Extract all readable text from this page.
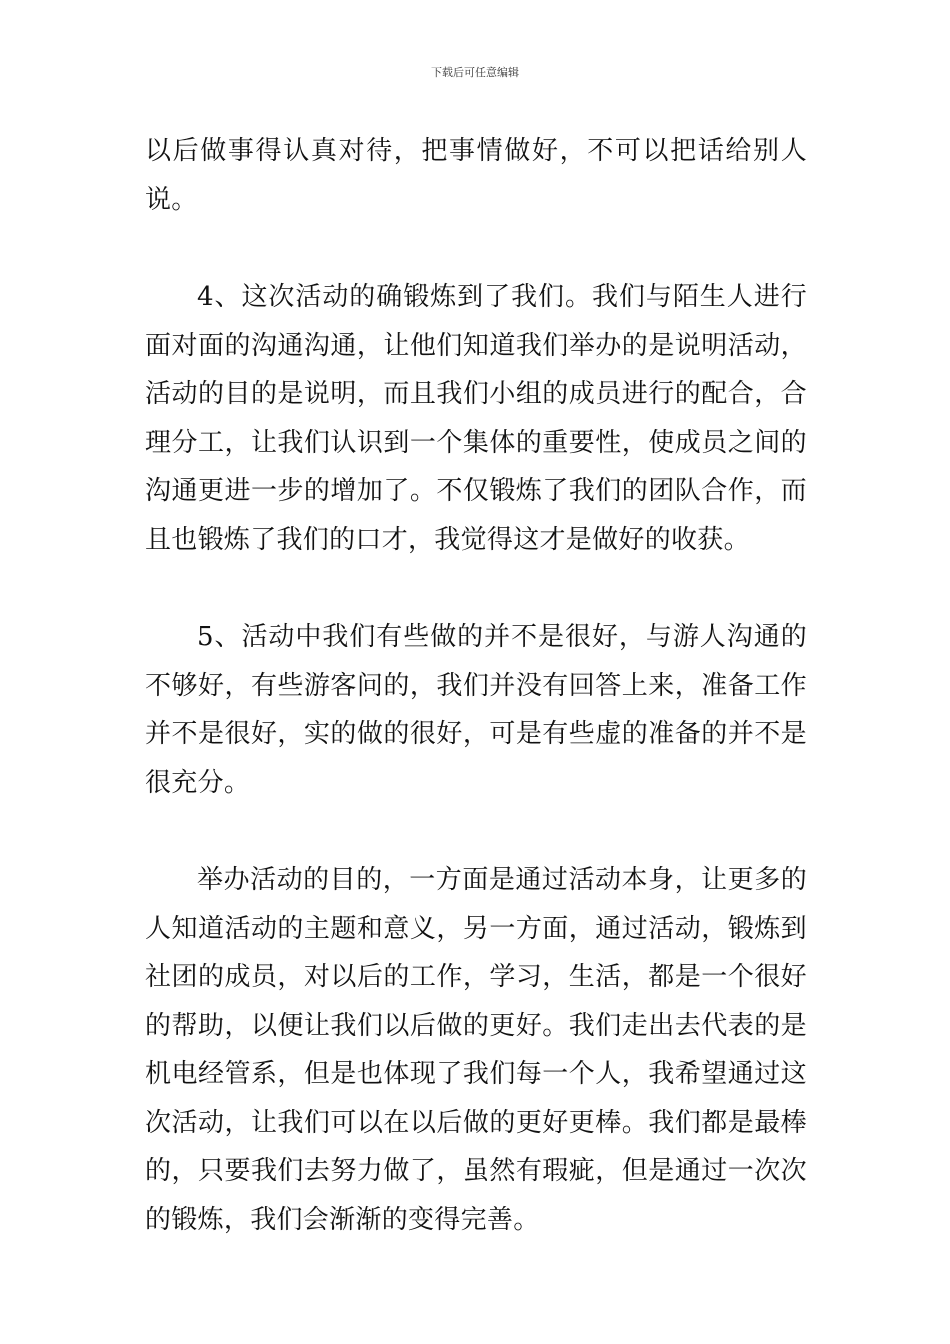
下载后可任意编辑

以后做事得认真对待，把事情做好，不可以把话给别人说。

4、这次活动的确锻炼到了我们。我们与陌生人进行面对面的沟通沟通，让他们知道我们举办的是说明活动，活动的目的是说明，而且我们小组的成员进行的配合，合理分工，让我们认识到一个集体的重要性，使成员之间的沟通更进一步的增加了。不仅锻炼了我们的团队合作，而且也锻炼了我们的口才，我觉得这才是做好的收获。

5、活动中我们有些做的并不是很好，与游人沟通的不够好，有些游客问的，我们并没有回答上来，准备工作并不是很好，实的做的很好，可是有些虚的准备的并不是很充分。

举办活动的目的，一方面是通过活动本身，让更多的人知道活动的主题和意义，另一方面，通过活动，锻炼到社团的成员，对以后的工作，学习，生活，都是一个很好的帮助，以便让我们以后做的更好。我们走出去代表的是机电经管系，但是也体现了我们每一个人，我希望通过这次活动，让我们可以在以后做的更好更棒。我们都是最棒的，只要我们去努力做了，虽然有瑕疵，但是通过一次次的锻炼，我们会渐渐的变得完善。
